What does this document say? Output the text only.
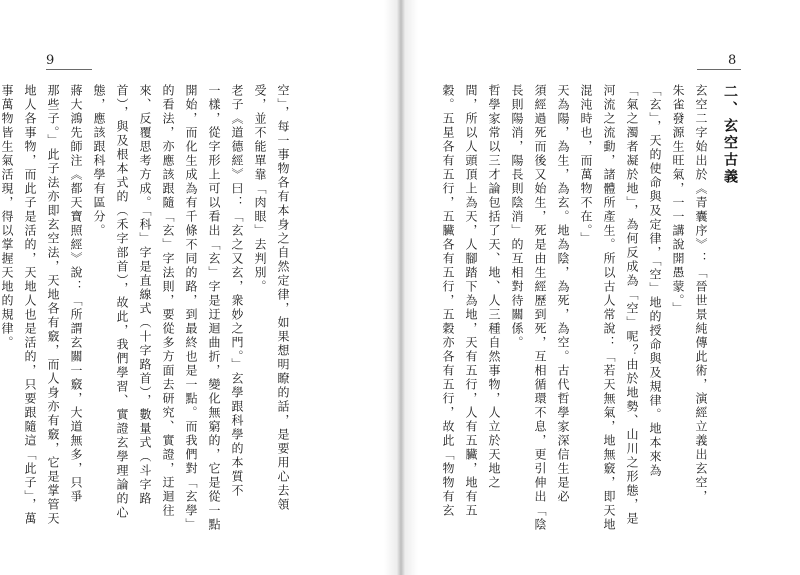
9
空」，每一事物各有本身之自然定律，如果想明瞭的話，是要用心去領
受，並不能單靠「肉眼」去判別。
老子《道德經》曰：「玄之又玄，衆妙之門。」玄學跟科學的本質不
一樣，從字形上可以看出「玄」字是迂迴曲折，變化無窮的，它是從一點
開始，而化生成為有千條不同的路，到最終也是一點。而我們對「玄學」
的看法，亦應該跟隨「玄」字法則，要從多方面去研究、實證，迂迴往
來、反覆思考方成。「科」字是直線式（十字路首），數量式（斗字路
首），與及根本式的（禾字部首），故此，我們學習、實證玄學理論的心
態，應該跟科學有區分。
蔣大鴻先師注《都天寶照經》說：「所謂玄關一竅，大道無多，只爭
那些子。」此子法亦即玄空法，天地各有竅，而人身亦有竅，它是掌管天
地人各事物，而此子是活的，天地人也是活的，只要跟隨這「此子」，萬
事萬物皆生氣活現，得以掌握天地的規律。
8
二、玄空古義
玄空二字始出於《青囊序》：「晉世景純傳此術，演經立義出玄空，
朱雀發源生旺氣，一一講說開愚蒙。」
「玄」，天的使命與及定律，「空」地的授命與及規律。地本來為
「氣之濁者凝於地」，為何反成為「空」呢？由於地勢、山川之形態，是
河流之流動，諸體所產生。所以古人常說：「若天無氣，地無竅，即天地
混沌時也，而萬物不在。」
天為陽，為生，為玄。地為陰，為死，為空。古代哲學家深信生是必
須經過死而後又始生，死是由生經歷到死，互相循環不息，更引伸出「陰
長則陽消，陽長則陰消」的互相對待關係。
哲學家常以三才論包括了天、地、人三種自然事物，人立於天地之
間，所以人頭頂上為天，人腳踏下為地，天有五行，人有五臟，地有五
穀。五星各有五行，五臟各有五行，五穀亦各有五行，故此「物物有玄
